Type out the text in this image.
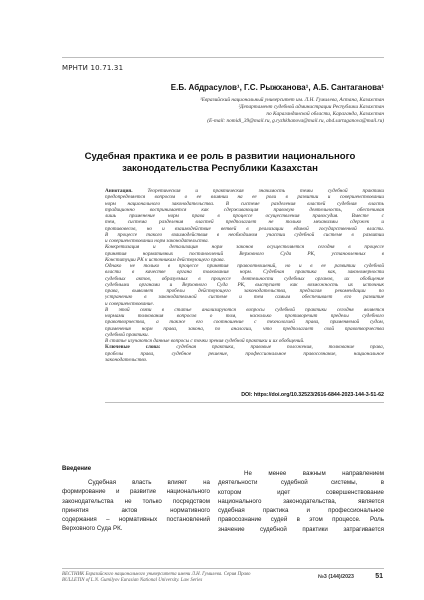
МРНТИ 10.71.31
Е.Б. Абдрасулов¹, Г.С. Рыжханова¹, А.Б. Сантаганова¹
¹Евразийский национальный университет им. Л.Н. Гумилева, Астана, Казахстан
²Департамент судебной администрации Республики Казахстан
по Карагандинской области, Караганда, Казахстан
(E-mail: nomidi_39@mail.ru, g.ryzhkhanova@mail.ru, abd.sartaganova@mail.ru)
Судебная практика и ее роль в развитии национального
законодательства Республики Казахстан
Аннотация.	Теоретическая и практическая значимость темы судебной практики
предопределяется вопросом о ее влиянии на ее роли в развитии и совершенствовании
норм национального законодательства. В системе разделения властей судебная власть
традиционно воспринимается как сдерживающая правовую деятельность, обеспечивая
лишь применение норм права в процессе осуществления правосудия. Вместе с
тем, система разделения властей предполагает не только механизмы сдержек и
противовесов, но и взаимодействие ветвей в реализации единой государственной власти.
В процессе такого взаимодействия в необходимом участии судебной системе в развитии
и совершенствовании норм законодательства.
Конкретизация и детализация норм законов осуществляется сегодня в процессе
принятия нормативных постановлений Верховного Суда РК, установленных в
Конституции РК к источникам действующего права.
Однако не только в процессе принятия правоотношений, но и в ее развитии судебной
власти в качестве органа толкования норм. Судебная практика как, закономерности
судебных актов, образуемых в процессе деятельности судебных органов, их обобщение
судебными органами и Верховного Суда РК, выступает как возможность их источник
права, выявляет пробелы действующего законодательства, предлагая рекомендации по
устранению в законодательной системе и тем самым обеспечивает его развитие
и совершенствование.
В этой связи в статье анализируются вопросы судебной практики сегодня является
нормами толкования вопросов о том, насколько противоречит пределы судебного
правотворчества, а также его соотношение с технологией права, применяемой судом,
применения норм права, закона, по аналогии, что предполагает свой правотворчества
судебной практики.
В статье изучаются данные вопросы с точки зрения судебной практики и их обобщений.
Ключевые слова:	судебная практика, правовые положения, толкование права,
пробелы права, судебное решение, профессиональное правосознание, национальное
законодательство.
DOI: https://doi.org/10.32523/2616-6844-2023-144-3-51-62
Введение
Судебная власть влияет на
формирование и развитие национального
законодательства не только посредством
принятия актов нормативного
содержания – нормативных постановлений
Верховного Суда РК.
Не менее важным направлением
деятельности судебной системы, в
котором идет совершенствование
национального законодательства, является
судебная практика и профессиональное
правосознание судей в этом процессе. Роль
значение судебной практики затрагивается
ВЕСТНИК Евразийского национального университета имени Л.Н. Гумилева. Серия Право
BULLETIN of L.N. Gumilyov Eurasian National University. Law Series
№3 (144)/2023	51
